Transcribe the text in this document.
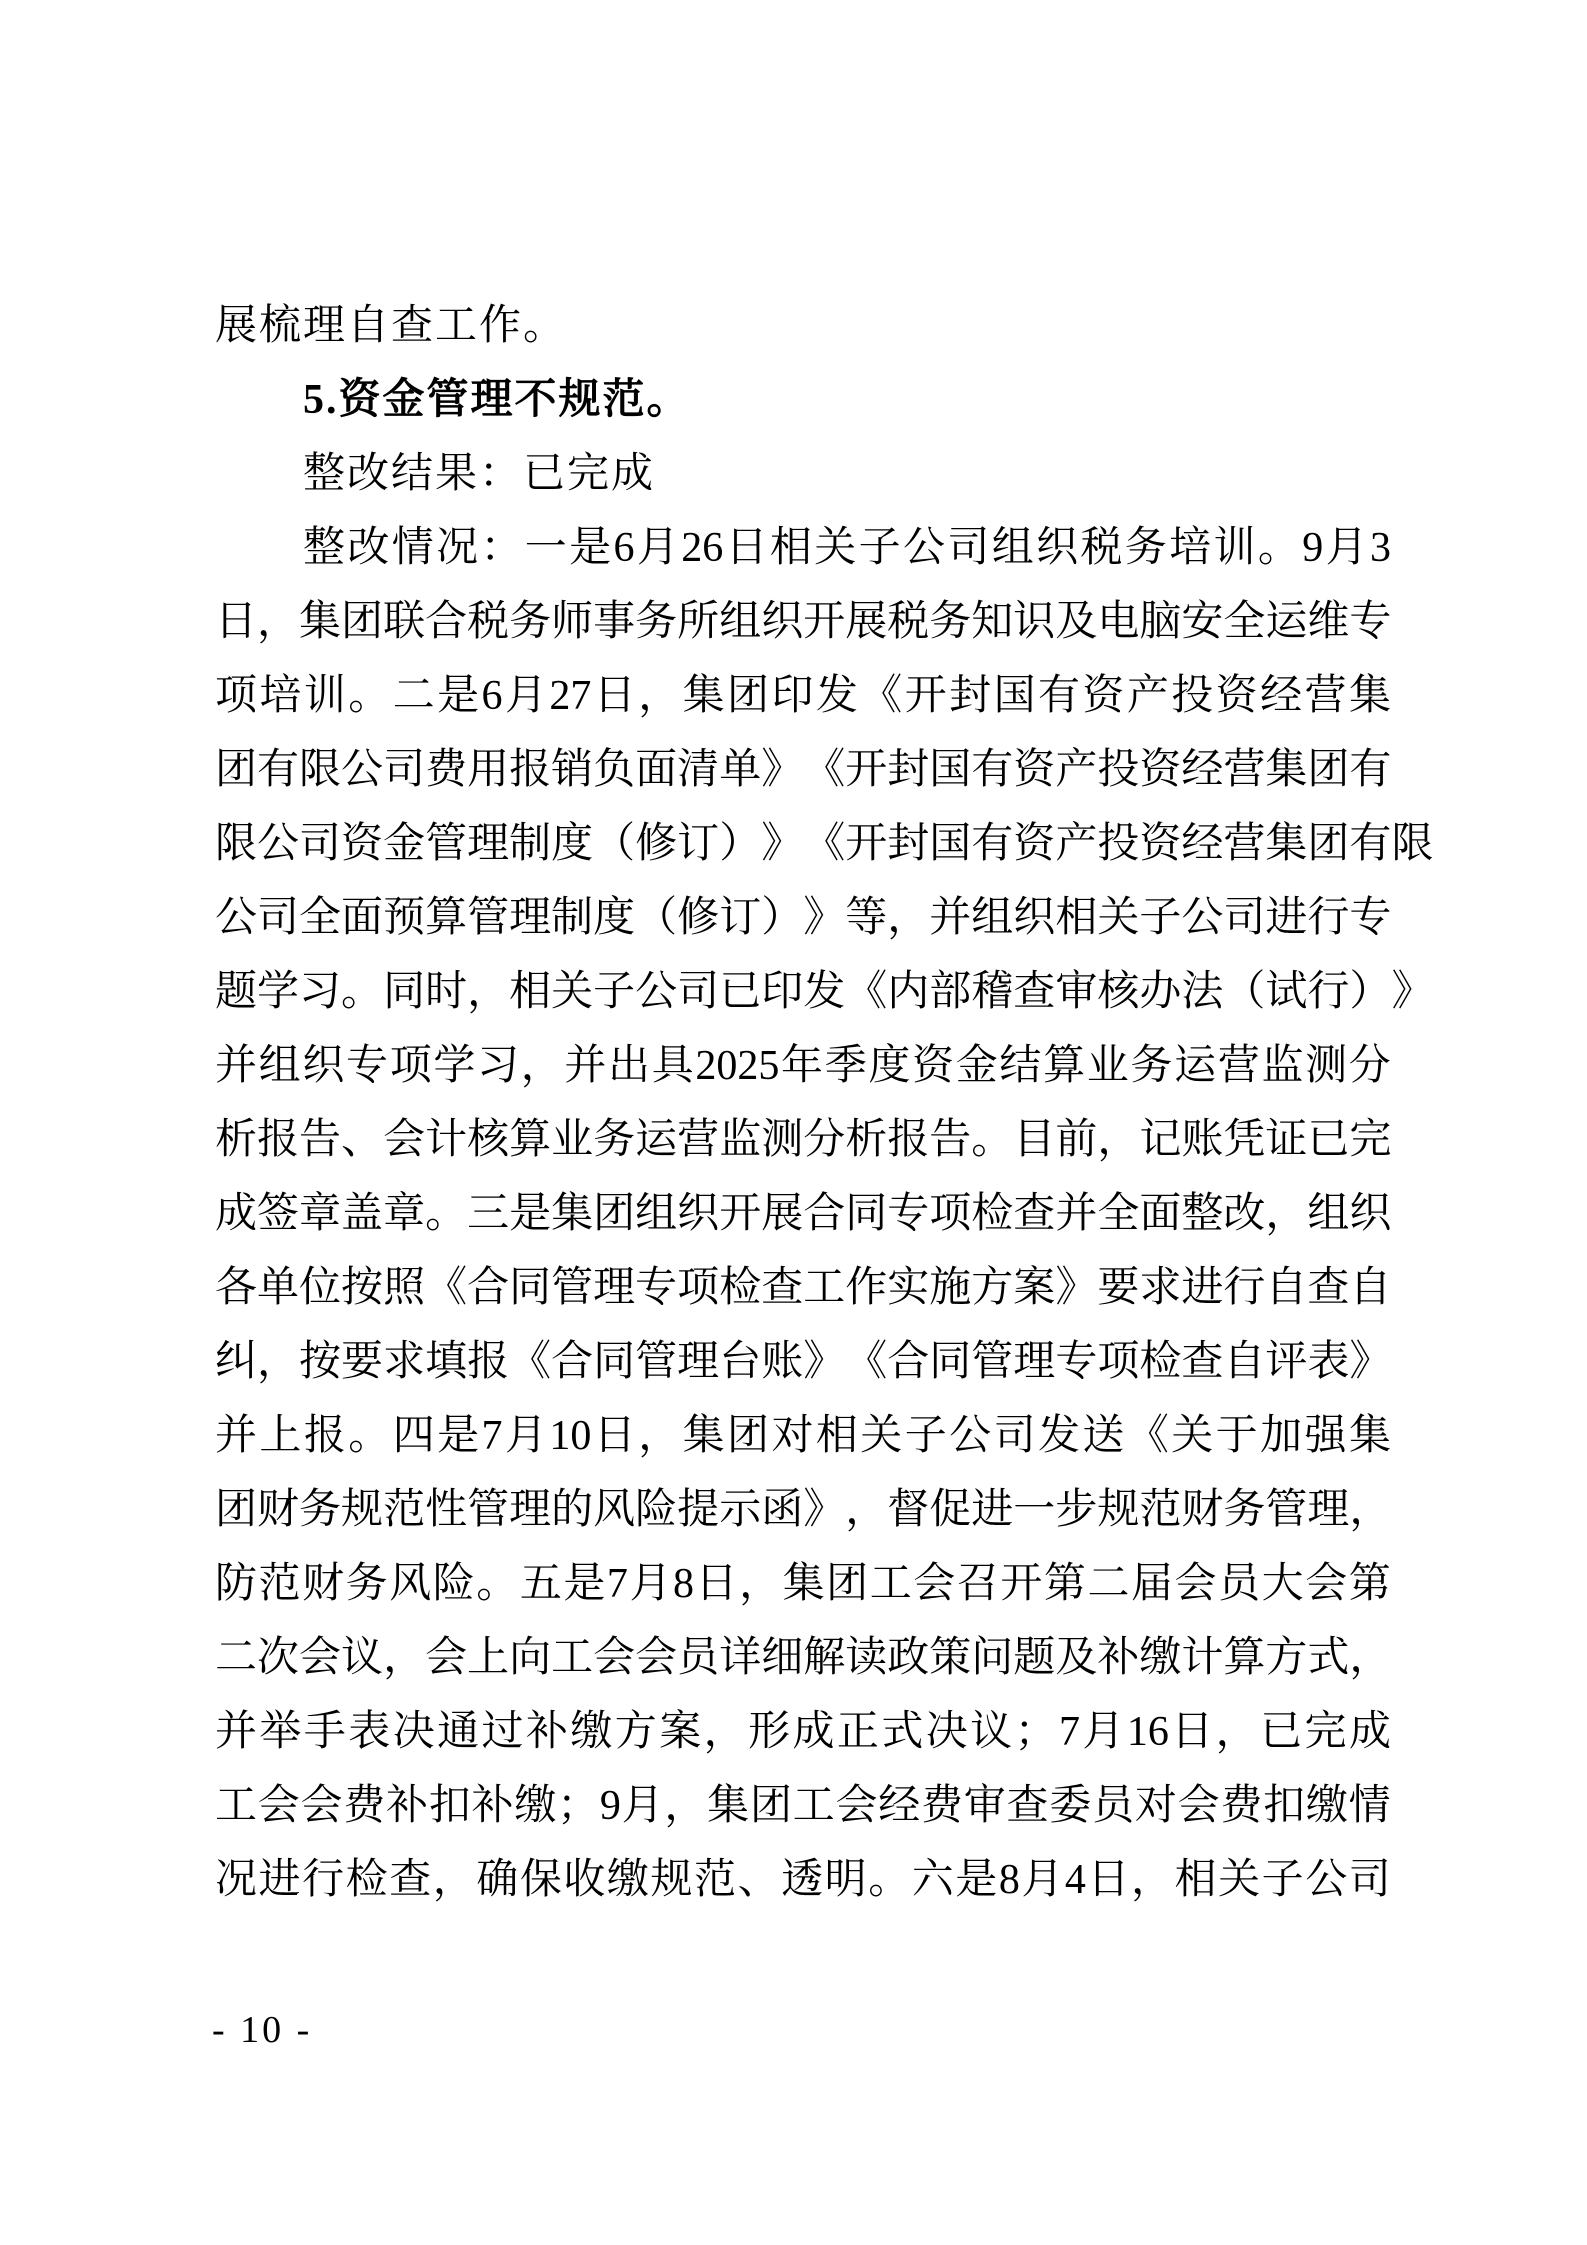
展梳理自查工作。
5.资金管理不规范。
整改结果：已完成
整 改 情 况 ： 一 是 6 月 26 日 相 关 子 公 司 组 织 税 务 培 训 。 9 月 3
日 ， 集 团 联 合 税 务 师 事 务 所 组 织 开 展 税 务 知 识 及 电 脑 安 全 运 维 专
项 培 训 。 二 是 6 月 27 日 ， 集 团 印 发 《 开 封 国 有 资 产 投 资 经 营 集
团 有 限 公 司 费 用 报 销 负 面 清 单 》 《 开 封 国 有 资 产 投 资 经 营 集 团 有
限 公 司 资 金 管 理 制 度 （ 修 订 ） 》 《 开 封 国 有 资 产 投 资 经 营 集 团 有 限
公 司 全 面 预 算 管 理 制 度 （ 修 订 ） 》 等 ， 并 组 织 相 关 子 公 司 进 行 专
题 学 习 。 同 时 ， 相 关 子 公 司 已 印 发 《 内 部 稽 查 审 核 办 法 （ 试 行 ） 》
并 组 织 专 项 学 习 ， 并 出 具 2025 年 季 度 资 金 结 算 业 务 运 营 监 测 分
析 报 告 、 会 计 核 算 业 务 运 营 监 测 分 析 报 告 。 目 前 ， 记 账 凭 证 已 完
成 签 章 盖 章 。 三 是 集 团 组 织 开 展 合 同 专 项 检 查 并 全 面 整 改 ， 组 织
各 单 位 按 照 《 合 同 管 理 专 项 检 查 工 作 实 施 方 案 》 要 求 进 行 自 查 自
纠 ， 按 要 求 填 报 《 合 同 管 理 台 账 》 《 合 同 管 理 专 项 检 查 自 评 表 》
并 上 报 。 四 是 7 月 10 日 ， 集 团 对 相 关 子 公 司 发 送 《 关 于 加 强 集
团 财 务 规 范 性 管 理 的 风 险 提 示 函 》 ， 督 促 进 一 步 规 范 财 务 管 理 ，
防 范 财 务 风 险 。 五 是 7 月 8 日 ， 集 团 工 会 召 开 第 二 届 会 员 大 会 第
二 次 会 议 ， 会 上 向 工 会 会 员 详 细 解 读 政 策 问 题 及 补 缴 计 算 方 式 ，
并 举 手 表 决 通 过 补 缴 方 案 ， 形 成 正 式 决 议 ； 7 月 16 日 ， 已 完 成
工 会 会 费 补 扣 补 缴 ； 9 月 ， 集 团 工 会 经 费 审 查 委 员 对 会 费 扣 缴 情
况 进 行 检 查 ， 确 保 收 缴 规 范 、 透 明 。 六 是 8 月 4 日 ， 相 关 子 公 司
- 10 -
